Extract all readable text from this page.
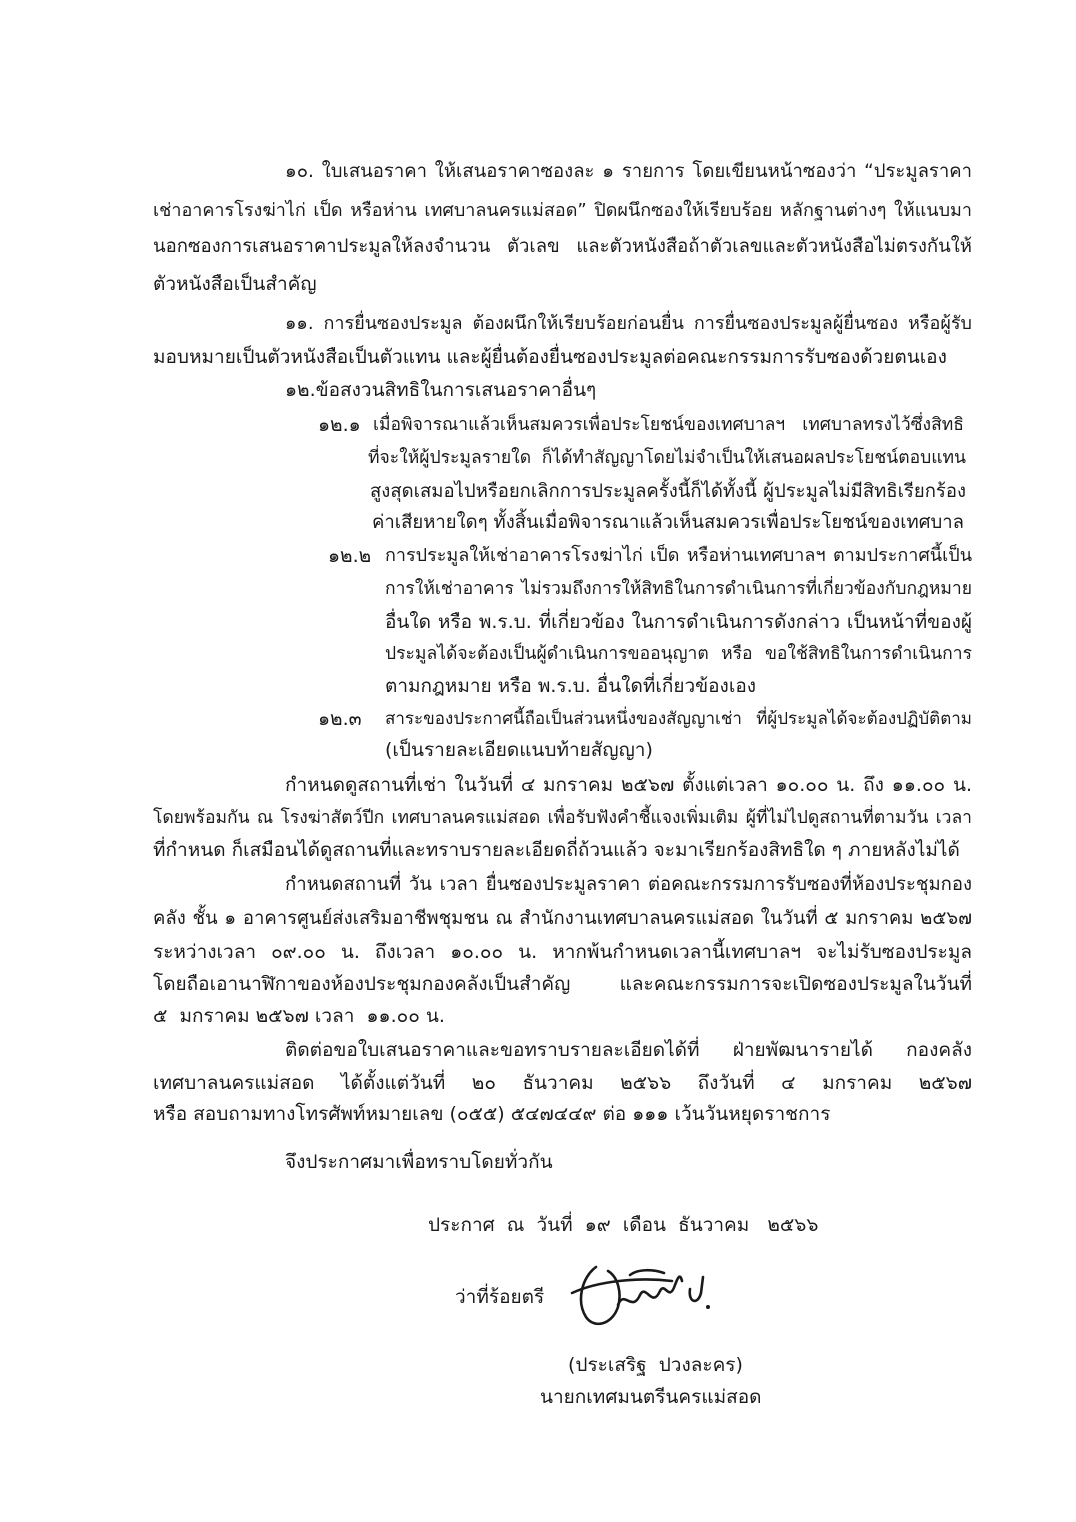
๑๐. ใบเสนอราคา ให้เสนอราคาซองละ ๑ รายการ โดยเขียนหน้าซองว่า “ประมูลราคา
เช่าอาคารโรงฆ่าไก่ เป็ด หรือห่าน เทศบาลนครแม่สอด” ปิดผนึกซองให้เรียบร้อย หลักฐานต่างๆ ให้แนบมา
นอกซองการเสนอราคาประมูลให้ลงจำนวน ตัวเลข และตัวหนังสือถ้าตัวเลขและตัวหนังสือไม่ตรงกันให้
ตัวหนังสือเป็นสำคัญ
๑๑. การยื่นซองประมูล ต้องผนึกให้เรียบร้อยก่อนยื่น การยื่นซองประมูลผู้ยื่นซอง หรือผู้รับ
มอบหมายเป็นตัวหนังสือเป็นตัวแทน และผู้ยื่นต้องยื่นซองประมูลต่อคณะกรรมการรับซองด้วยตนเอง
๑๒.ข้อสงวนสิทธิในการเสนอราคาอื่นๆ
๑๒.๑ เมื่อพิจารณาแล้วเห็นสมควรเพื่อประโยชน์ของเทศบาลฯ เทศบาลทรงไว้ซึ่งสิทธิ
ที่จะให้ผู้ประมูลรายใด ก็ได้ทำสัญญาโดยไม่จำเป็นให้เสนอผลประโยชน์ตอบแทน
สูงสุดเสมอไปหรือยกเลิกการประมูลครั้งนี้ก็ได้ทั้งนี้ ผู้ประมูลไม่มีสิทธิเรียกร้อง
ค่าเสียหายใดๆ ทั้งสิ้นเมื่อพิจารณาแล้วเห็นสมควรเพื่อประโยชน์ของเทศบาล
๑๒.๒ การประมูลให้เช่าอาคารโรงฆ่าไก่ เป็ด หรือห่านเทศบาลฯ ตามประกาศนี้เป็น
การให้เช่าอาคาร ไม่รวมถึงการให้สิทธิในการดำเนินการที่เกี่ยวข้องกับกฎหมาย
อื่นใด หรือ พ.ร.บ. ที่เกี่ยวข้อง ในการดำเนินการดังกล่าว เป็นหน้าที่ของผู้
ประมูลได้จะต้องเป็นผู้ดำเนินการขออนุญาต หรือ ขอใช้สิทธิในการดำเนินการ
ตามกฎหมาย หรือ พ.ร.บ. อื่นใดที่เกี่ยวข้องเอง
๑๒.๓ สาระของประกาศนี้ถือเป็นส่วนหนึ่งของสัญญาเช่า ที่ผู้ประมูลได้จะต้องปฏิบัติตาม
(เป็นรายละเอียดแนบท้ายสัญญา)
กำหนดดูสถานที่เช่า ในวันที่ ๔ มกราคม ๒๕๖๗ ตั้งแต่เวลา ๑๐.๐๐ น. ถึง ๑๑.๐๐ น.
โดยพร้อมกัน ณ โรงฆ่าสัตว์ปีก เทศบาลนครแม่สอด เพื่อรับฟังคำชี้แจงเพิ่มเติม ผู้ที่ไม่ไปดูสถานที่ตามวัน เวลา
ที่กำหนด ก็เสมือนได้ดูสถานที่และทราบรายละเอียดถี่ถ้วนแล้ว จะมาเรียกร้องสิทธิใด ๆ ภายหลังไม่ได้
กำหนดสถานที่ วัน เวลา ยื่นซองประมูลราคา ต่อคณะกรรมการรับซองที่ห้องประชุมกอง
คลัง ชั้น ๑ อาคารศูนย์ส่งเสริมอาชีพชุมชน ณ สำนักงานเทศบาลนครแม่สอด ในวันที่ ๕ มกราคม ๒๕๖๗
ระหว่างเวลา ๐๙.๐๐ น. ถึงเวลา ๑๐.๐๐ น. หากพ้นกำหนดเวลานี้เทศบาลฯ จะไม่รับซองประมูล
โดยถือเอานาฬิกาของห้องประชุมกองคลังเป็นสำคัญ และคณะกรรมการจะเปิดซองประมูลในวันที่
๕  มกราคม ๒๕๖๗ เวลา  ๑๑.๐๐ น.
ติดต่อขอใบเสนอราคาและขอทราบรายละเอียดได้ที่ ฝ่ายพัฒนารายได้ กองคลัง
เทศบาลนครแม่สอด ได้ตั้งแต่วันที่ ๒๐ ธันวาคม ๒๕๖๖ ถึงวันที่ ๔ มกราคม ๒๕๖๗
หรือ สอบถามทางโทรศัพท์หมายเลข (๐๕๕) ๕๔๗๔๔๙ ต่อ ๑๑๑ เว้นวันหยุดราชการ
จึงประกาศมาเพื่อทราบโดยทั่วกัน
ประกาศ  ณ  วันที่  ๑๙  เดือน  ธันวาคม   ๒๕๖๖
ว่าที่ร้อยตรี
(ประเสริฐ  ปวงละคร)
นายกเทศมนตรีนครแม่สอด
